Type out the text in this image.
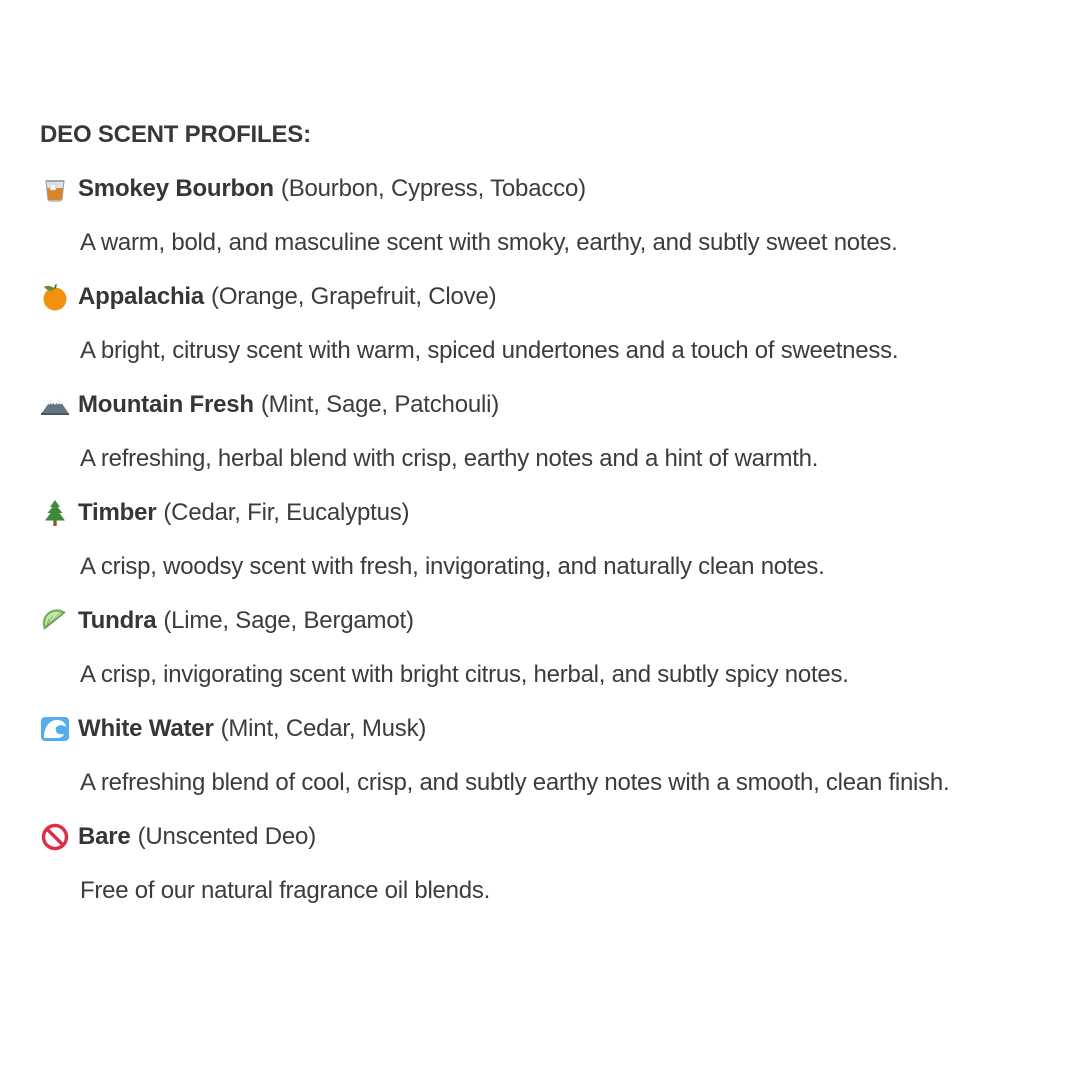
DEO SCENT PROFILES:
Smokey Bourbon (Bourbon, Cypress, Tobacco)
A warm, bold, and masculine scent with smoky, earthy, and subtly sweet notes.
Appalachia (Orange, Grapefruit, Clove)
A bright, citrusy scent with warm, spiced undertones and a touch of sweetness.
Mountain Fresh (Mint, Sage, Patchouli)
A refreshing, herbal blend with crisp, earthy notes and a hint of warmth.
Timber (Cedar, Fir, Eucalyptus)
A crisp, woodsy scent with fresh, invigorating, and naturally clean notes.
Tundra (Lime, Sage, Bergamot)
A crisp, invigorating scent with bright citrus, herbal, and subtly spicy notes.
White Water (Mint, Cedar, Musk)
A refreshing blend of cool, crisp, and subtly earthy notes with a smooth, clean finish.
Bare (Unscented Deo)
Free of our natural fragrance oil blends.
